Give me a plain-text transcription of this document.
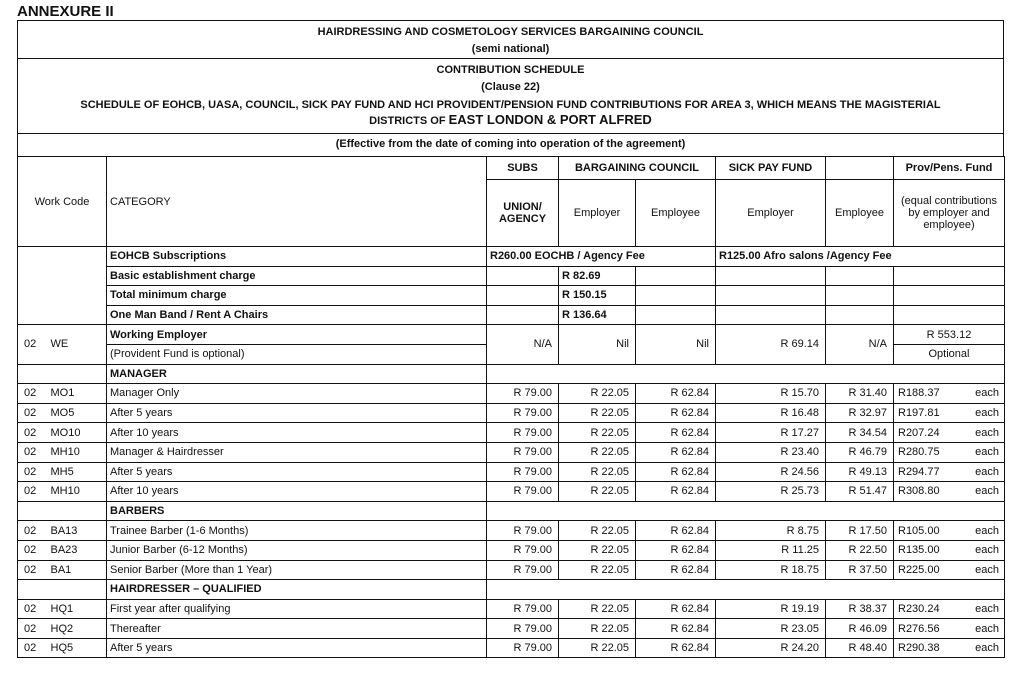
ANNEXURE II
HAIRDRESSING AND COSMETOLOGY SERVICES BARGAINING COUNCIL
(semi national)
CONTRIBUTION SCHEDULE
(Clause 22)
SCHEDULE OF EOHCB, UASA, COUNCIL, SICK PAY FUND AND HCI PROVIDENT/PENSION FUND CONTRIBUTIONS FOR AREA 3, WHICH MEANS THE MAGISTERIAL
DISTRICTS OF EAST LONDON & PORT ALFRED
(Effective from the date of coming into operation of the agreement)
Work Code		CATEGORY	SUBS	BARGAINING COUNCIL		SICK PAY FUND		Prov/Pens. Fund	
			UNION/ AGENCY	Employer	Employee	Employer	Employee	(equal contributions by employer and employee)	
		EOHCB Subscriptions	R260.00 EOCHB / Agency Fee			R125.00 Afro salons /Agency Fee			
		Basic establishment charge		R 82.69					
		Total minimum charge		R 150.15					
		One Man Band / Rent A Chairs		R 136.64					
02	WE	Working Employer	N/A	Nil	Nil	R 69.14	N/A	R 553.12	
		(Provident Fund is optional)						Optional	
		MANAGER							
02	MO1	Manager Only	R 79.00	R 22.05	R 62.84	R 15.70	R 31.40	R188.37	each
02	MO5	After 5 years	R 79.00	R 22.05	R 62.84	R 16.48	R 32.97	R197.81	each
02	MO10	After 10 years	R 79.00	R 22.05	R 62.84	R 17.27	R 34.54	R207.24	each
02	MH10	Manager & Hairdresser	R 79.00	R 22.05	R 62.84	R 23.40	R 46.79	R280.75	each
02	MH5	After 5 years	R 79.00	R 22.05	R 62.84	R 24.56	R 49.13	R294.77	each
02	MH10	After 10 years	R 79.00	R 22.05	R 62.84	R 25.73	R 51.47	R308.80	each
		BARBERS							
02	BA13	Trainee Barber (1-6 Months)	R 79.00	R 22.05	R 62.84	R 8.75	R 17.50	R105.00	each
02	BA23	Junior Barber (6-12 Months)	R 79.00	R 22.05	R 62.84	R 11.25	R 22.50	R135.00	each
02	BA1	Senior Barber (More than 1 Year)	R 79.00	R 22.05	R 62.84	R 18.75	R 37.50	R225.00	each
		HAIRDRESSER – QUALIFIED							
02	HQ1	First year after qualifying	R 79.00	R 22.05	R 62.84	R 19.19	R 38.37	R230.24	each
02	HQ2	Thereafter	R 79.00	R 22.05	R 62.84	R 23.05	R 46.09	R276.56	each
02	HQ5	After 5 years	R 79.00	R 22.05	R 62.84	R 24.20	R 48.40	R290.38	each
